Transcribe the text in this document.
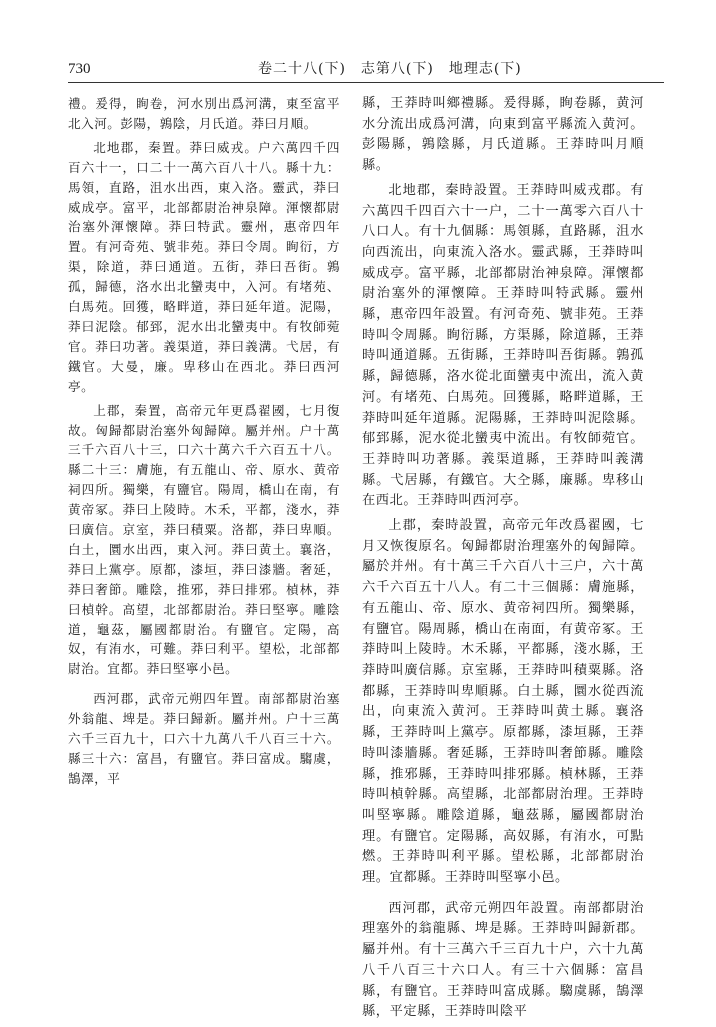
730	卷二十八(下)　志第八(下)　地理志(下)

禮。爰得，眴卷，河水別出爲河溝，東至富平北入河。彭陽，鶉陰，月氏道。莽曰月順。

北地郡，秦置。莽曰威戎。户六萬四千四百六十一，口二十一萬六百八十八。縣十九：馬領，直路，沮水出西，東入洛。靈武，莽曰威成亭。富平，北部都尉治神泉障。渾懷都尉治塞外渾懷障。莽曰特武。靈州，惠帝四年置。有河奇苑、號非苑。莽曰令周。眴衍，方渠，除道，莽曰通道。五街，莽曰吾街。鶉孤，歸德，洛水出北蠻夷中，入河。有堵苑、白馬苑。回獲，略畔道，莽曰延年道。泥陽，莽曰泥陰。郁郅，泥水出北蠻夷中。有牧師菀官。莽曰功著。義渠道，莽曰義溝。弋居，有鐵官。大曼，廉。卑移山在西北。莽曰西河亭。

上郡，秦置，高帝元年更爲翟國，七月復故。匈歸都尉治塞外匈歸障。屬并州。户十萬三千六百八十三，口六十萬六千六百五十八。縣二十三：膚施，有五龍山、帝、原水、黄帝祠四所。獨樂，有鹽官。陽周，橋山在南，有黄帝冢。莽曰上陵時。木禾，平都，淺水，莽曰廣信。京室，莽曰積粟。洛都，莽曰卑順。白土，圜水出西，東入河。莽曰黄土。襄洛，莽曰上黨亭。原都，漆垣，莽曰漆牆。奢延，莽曰奢節。雕陰，推邪，莽曰排邪。楨林，莽曰楨幹。高望，北部都尉治。莽曰堅寧。雕陰道，龜茲，屬國都尉治。有鹽官。定陽，高奴，有洧水，可難。莽曰利平。望松，北部都尉治。宜都。莽曰堅寧小邑。

西河郡，武帝元朔四年置。南部都尉治塞外翁龍、埤是。莽曰歸新。屬并州。户十三萬六千三百九十，口六十九萬八千八百三十六。縣三十六：富昌，有鹽官。莽曰富成。騶虞，鵠澤，平

縣，王莽時叫鄉禮縣。爰得縣，眴卷縣，黄河水分流出成爲河溝，向東到富平縣流入黄河。彭陽縣，鶉陰縣，月氏道縣。王莽時叫月順縣。

北地郡，秦時設置。王莽時叫威戎郡。有六萬四千四百六十一户，二十一萬零六百八十八口人。有十九個縣：馬領縣，直路縣，沮水向西流出，向東流入洛水。靈武縣，王莽時叫威成亭。富平縣，北部都尉治神泉障。渾懷都尉治塞外的渾懷障。王莽時叫特武縣。靈州縣，惠帝四年設置。有河奇苑、號非苑。王莽時叫令周縣。眴衍縣，方渠縣，除道縣，王莽時叫通道縣。五街縣，王莽時叫吾街縣。鶉孤縣，歸德縣，洛水從北面蠻夷中流出，流入黄河。有堵苑、白馬苑。回獲縣，略畔道縣，王莽時叫延年道縣。泥陽縣，王莽時叫泥陰縣。郁郅縣，泥水從北蠻夷中流出。有牧師菀官。王莽時叫功著縣。義渠道縣，王莽時叫義溝縣。弋居縣，有鐵官。大㒰縣，廉縣。卑移山在西北。王莽時叫西河亭。

上郡，秦時設置，高帝元年改爲翟國，七月又恢復原名。匈歸都尉治理塞外的匈歸障。屬於并州。有十萬三千六百八十三户，六十萬六千六百五十八人。有二十三個縣：膚施縣，有五龍山、帝、原水、黄帝祠四所。獨樂縣，有鹽官。陽周縣，橋山在南面，有黄帝冢。王莽時叫上陵時。木禾縣，平都縣，淺水縣，王莽時叫廣信縣。京室縣，王莽時叫積粟縣。洛都縣，王莽時叫卑順縣。白土縣，圜水從西流出，向東流入黄河。王莽時叫黄土縣。襄洛縣，王莽時叫上黨亭。原都縣，漆垣縣，王莽時叫漆牆縣。奢延縣，王莽時叫奢節縣。雕陰縣，推邪縣，王莽時叫排邪縣。楨林縣，王莽時叫楨幹縣。高望縣，北部都尉治理。王莽時叫堅寧縣。雕陰道縣，龜茲縣，屬國都尉治理。有鹽官。定陽縣，高奴縣，有洧水，可點燃。王莽時叫利平縣。望松縣，北部都尉治理。宜都縣。王莽時叫堅寧小邑。

西河郡，武帝元朔四年設置。南部都尉治理塞外的翁龍縣、埤是縣。王莽時叫歸新郡。屬并州。有十三萬六千三百九十户，六十九萬八千八百三十六口人。有三十六個縣：富昌縣，有鹽官。王莽時叫富成縣。騶虞縣，鵠澤縣，平定縣，王莽時叫陰平
